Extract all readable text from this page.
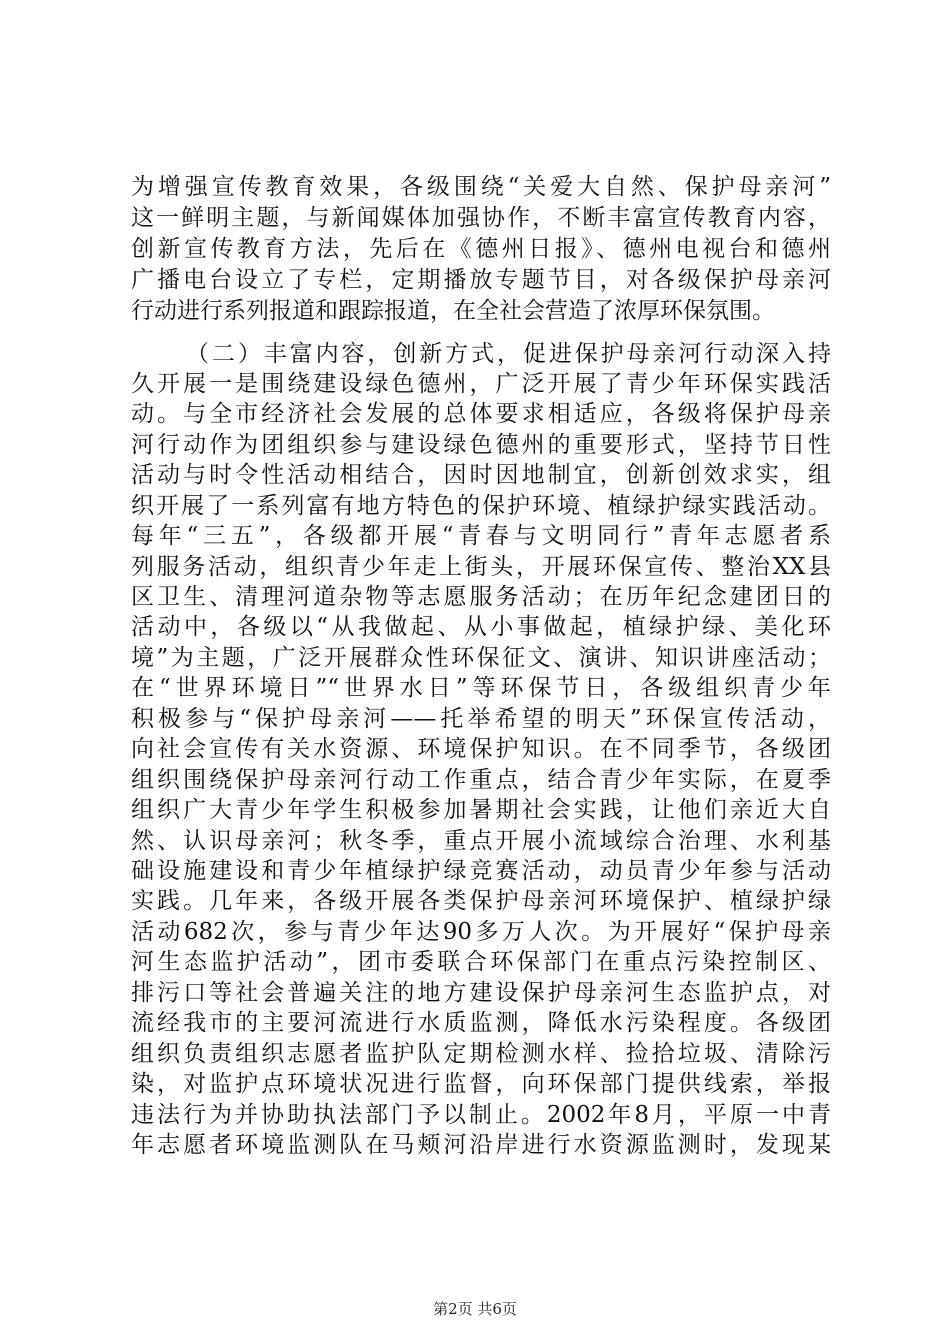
为增强宣传教育效果，各级围绕“关爱大自然、保护母亲河”
这一鲜明主题，与新闻媒体加强协作，不断丰富宣传教育内容，
创新宣传教育方法，先后在《德州日报》、德州电视台和德州
广播电台设立了专栏，定期播放专题节目，对各级保护母亲河
行动进行系列报道和跟踪报道，在全社会营造了浓厚环保氛围。
（二）丰富内容，创新方式，促进保护母亲河行动深入持
久开展一是围绕建设绿色德州，广泛开展了青少年环保实践活
动。与全市经济社会发展的总体要求相适应，各级将保护母亲
河行动作为团组织参与建设绿色德州的重要形式，坚持节日性
活动与时令性活动相结合，因时因地制宜，创新创效求实，组
织开展了一系列富有地方特色的保护环境、植绿护绿实践活动。
每年“三五”，各级都开展“青春与文明同行”青年志愿者系
列服务活动，组织青少年走上街头，开展环保宣传、整治XX县
区卫生、清理河道杂物等志愿服务活动；在历年纪念建团日的
活动中，各级以“从我做起、从小事做起，植绿护绿、美化环
境”为主题，广泛开展群众性环保征文、演讲、知识讲座活动；
在“世界环境日”“世界水日”等环保节日，各级组织青少年
积极参与“保护母亲河——托举希望的明天”环保宣传活动，
向社会宣传有关水资源、环境保护知识。在不同季节，各级团
组织围绕保护母亲河行动工作重点，结合青少年实际，在夏季
组织广大青少年学生积极参加暑期社会实践，让他们亲近大自
然、认识母亲河；秋冬季，重点开展小流域综合治理、水利基
础设施建设和青少年植绿护绿竞赛活动，动员青少年参与活动
实践。几年来，各级开展各类保护母亲河环境保护、植绿护绿
活动682次，参与青少年达90多万人次。为开展好“保护母亲
河生态监护活动”，团市委联合环保部门在重点污染控制区、
排污口等社会普遍关注的地方建设保护母亲河生态监护点，对
流经我市的主要河流进行水质监测，降低水污染程度。各级团
组织负责组织志愿者监护队定期检测水样、捡拾垃圾、清除污
染，对监护点环境状况进行监督，向环保部门提供线索，举报
违法行为并协助执法部门予以制止。2002年8月，平原一中青
年志愿者环境监测队在马颊河沿岸进行水资源监测时，发现某
第2页 共6页
